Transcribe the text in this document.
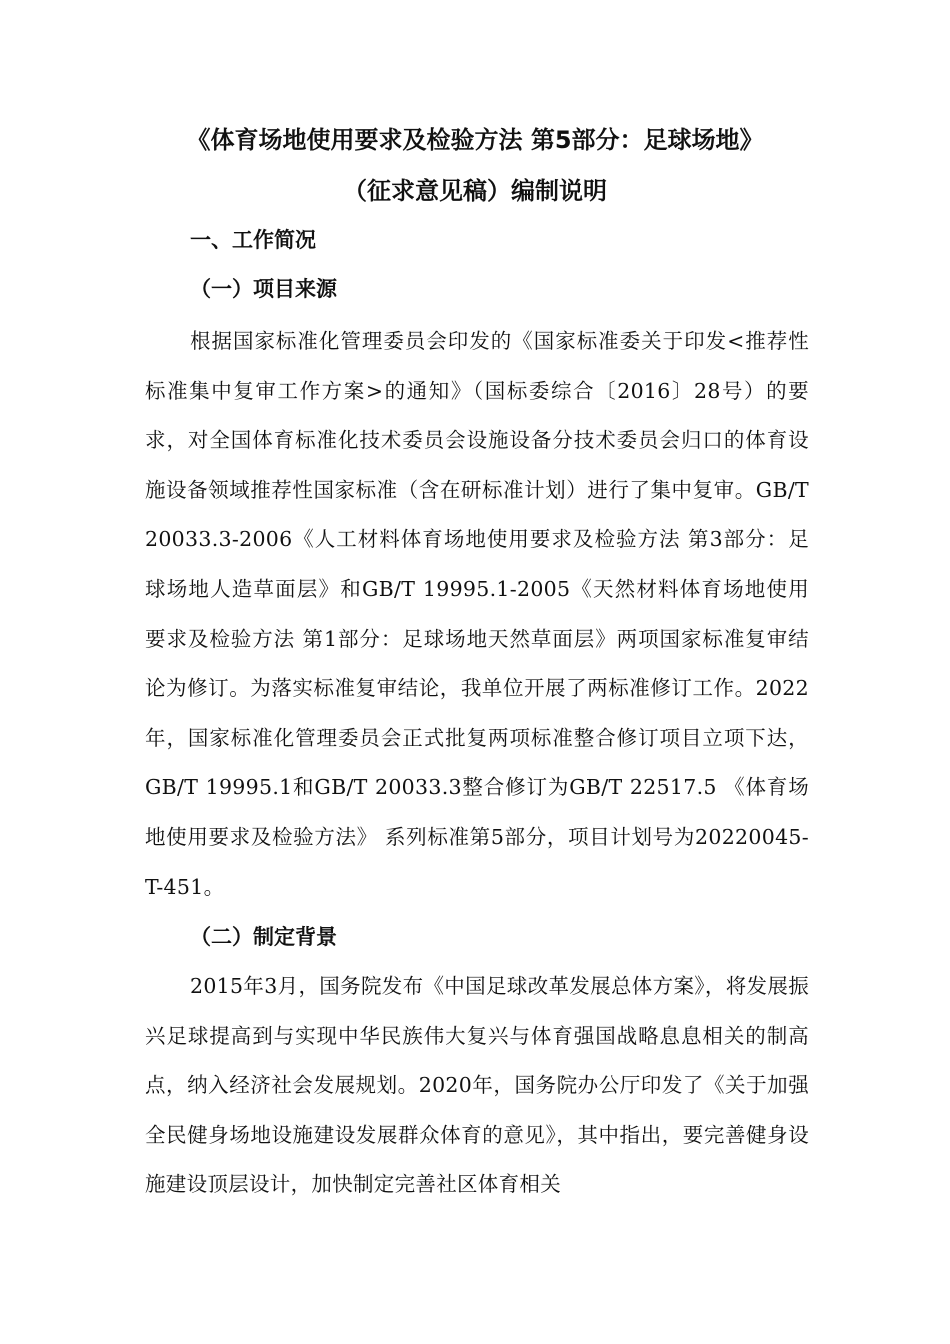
《体育场地使用要求及检验方法 第5部分：足球场地》
（征求意见稿）编制说明
一、工作简况
（一）项目来源

根据国家标准化管理委员会印发的《国家标准委关于印发<推荐性标准集中复审工作方案>的通知》（国标委综合〔2016〕28号）的要求，对全国体育标准化技术委员会设施设备分技术委员会归口的体育设施设备领域推荐性国家标准（含在研标准计划）进行了集中复审。GB/T 20033.3-2006《人工材料体育场地使用要求及检验方法 第3部分：足球场地人造草面层》和GB/T 19995.1-2005《天然材料体育场地使用要求及检验方法 第1部分：足球场地天然草面层》两项国家标准复审结论为修订。为落实标准复审结论，我单位开展了两标准修订工作。2022年，国家标准化管理委员会正式批复两项标准整合修订项目立项下达，GB/T 19995.1和GB/T 20033.3整合修订为GB/T 22517.5 《体育场地使用要求及检验方法》 系列标准第5部分，项目计划号为20220045-T-451。

（二）制定背景

2015年3月，国务院发布《中国足球改革发展总体方案》，将发展振兴足球提高到与实现中华民族伟大复兴与体育强国战略息息相关的制高点，纳入经济社会发展规划。2020年，国务院办公厅印发了《关于加强全民健身场地设施建设发展群众体育的意见》，其中指出，要完善健身设施建设顶层设计，加快制定完善社区体育相关
